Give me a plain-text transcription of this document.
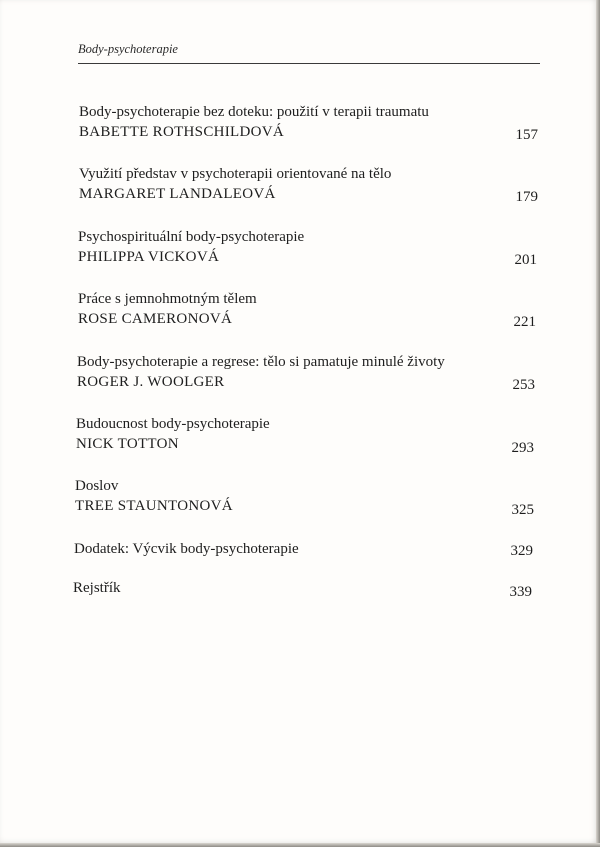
Body-psychoterapie
Body-psychoterapie bez doteku: použití v terapii traumatu
BABETTE ROTHSCHILDOVÁ	157
Využití představ v psychoterapii orientované na tělo
MARGARET LANDALEOVÁ	179
Psychospirituální body-psychoterapie
PHILIPPA VICKOVÁ	201
Práce s jemnohmotným tělem
ROSE CAMERONOVÁ	221
Body-psychoterapie a regrese: tělo si pamatuje minulé životy
ROGER J. WOOLGER	253
Budoucnost body-psychoterapie
NICK TOTTON	293
Doslov
TREE STAUNTONOVÁ	325
Dodatek: Výcvik body-psychoterapie	329
Rejstřík	339
